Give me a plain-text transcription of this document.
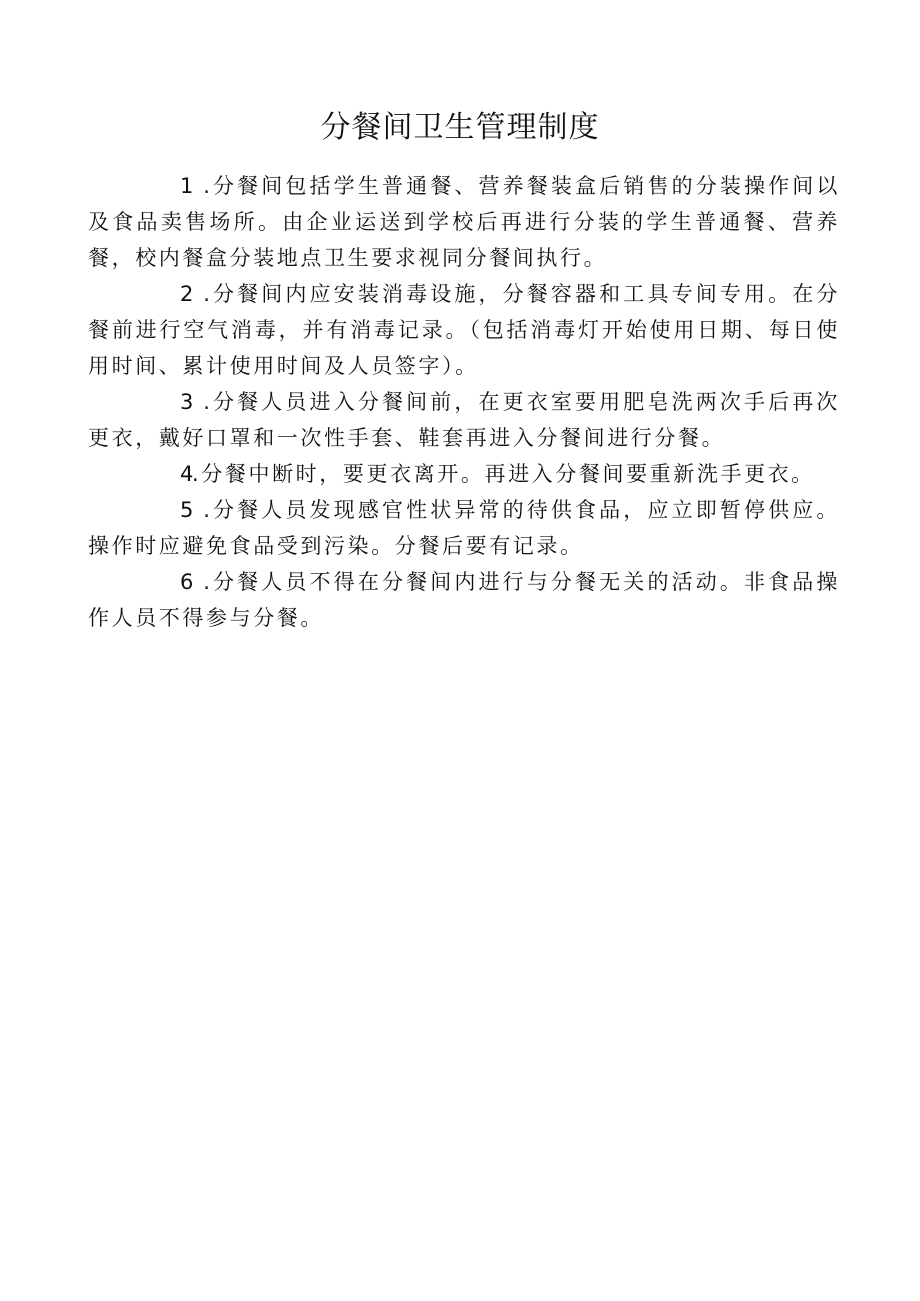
分餐间卫生管理制度

1 .分餐间包括学生普通餐、营养餐装盒后销售的分装操作间以及食品卖售场所。由企业运送到学校后再进行分装的学生普通餐、营养餐，校内餐盒分装地点卫生要求视同分餐间执行。

2 .分餐间内应安装消毒设施，分餐容器和工具专间专用。在分餐前进行空气消毒，并有消毒记录。（包括消毒灯开始使用日期、每日使用时间、累计使用时间及人员签字）。

3 .分餐人员进入分餐间前，在更衣室要用肥皂洗两次手后再次更衣，戴好口罩和一次性手套、鞋套再进入分餐间进行分餐。

4.分餐中断时，要更衣离开。再进入分餐间要重新洗手更衣。

5 .分餐人员发现感官性状异常的待供食品，应立即暂停供应。操作时应避免食品受到污染。分餐后要有记录。

6 .分餐人员不得在分餐间内进行与分餐无关的活动。非食品操作人员不得参与分餐。
